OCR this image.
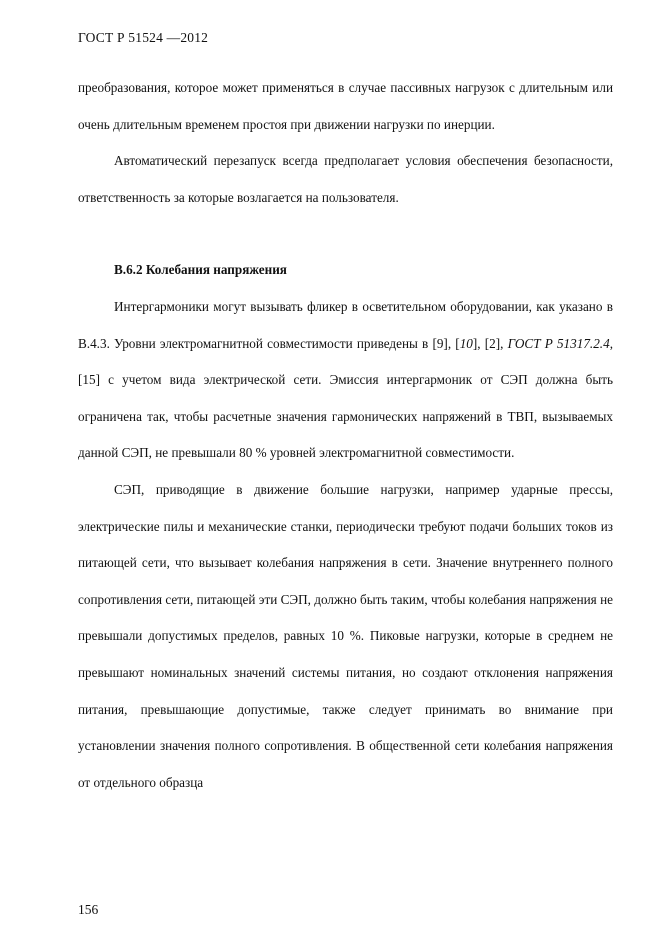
ГОСТ Р 51524 —2012

преобразования, которое может применяться в случае пассивных нагрузок с длительным или очень длительным временем простоя при движении нагрузки по инерции.

Автоматический перезапуск всегда предполагает условия обеспечения безопасности, ответственность за которые возлагается на пользователя.

В.6.2 Колебания напряжения

Интергармоники могут вызывать фликер в осветительном оборудовании, как указано в В.4.3. Уровни электромагнитной совместимости приведены в [9], [10], [2], ГОСТ Р 51317.2.4, [15] с учетом вида электрической сети. Эмиссия интергармоник от СЭП должна быть ограничена так, чтобы расчетные значения гармонических напряжений в ТВП, вызываемых данной СЭП, не превышали 80 % уровней электромагнитной совместимости.

СЭП, приводящие в движение большие нагрузки, например ударные прессы, электрические пилы и механические станки, периодически требуют подачи больших токов из питающей сети, что вызывает колебания напряжения в сети. Значение внутреннего полного сопротивления сети, питающей эти СЭП, должно быть таким, чтобы колебания напряжения не превышали допустимых пределов, равных 10 %. Пиковые нагрузки, которые в среднем не превышают номинальных значений системы питания, но создают отклонения напряжения питания, превышающие допустимые, также следует принимать во внимание при установлении значения полного сопротивления. В общественной сети колебания напряжения от отдельного образца

156
